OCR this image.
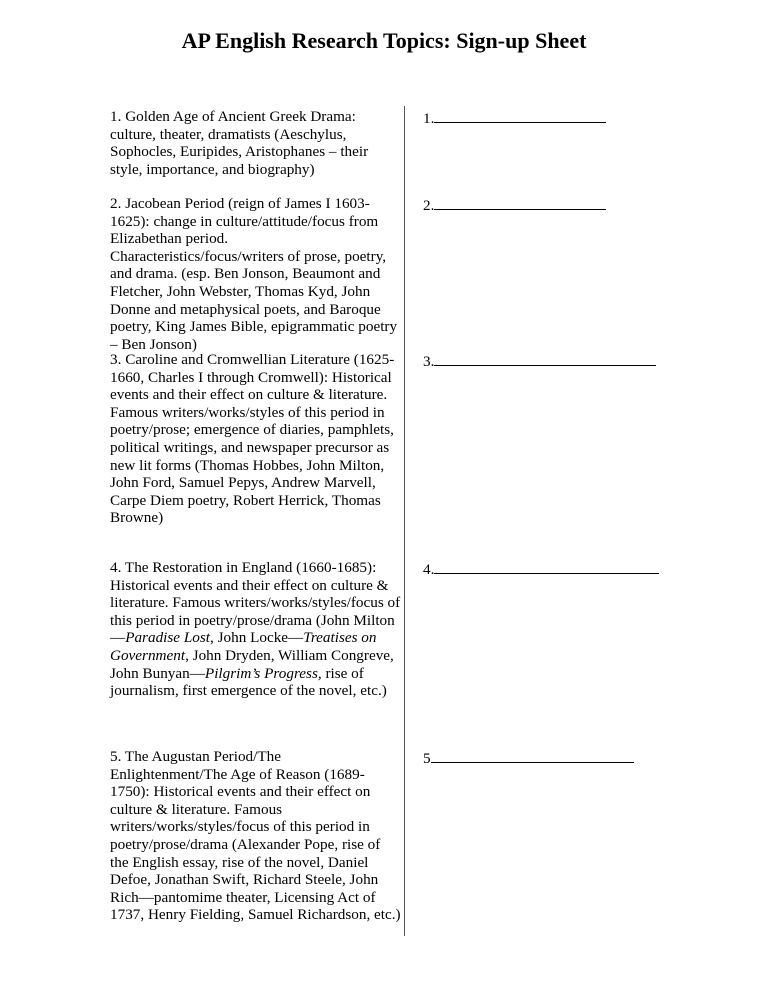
AP English Research Topics: Sign-up Sheet
1. Golden Age of Ancient Greek Drama: culture, theater, dramatists (Aeschylus, Sophocles, Euripides, Aristophanes – their style, importance, and biography)
1.
2. Jacobean Period (reign of James I 1603-1625): change in culture/attitude/focus from Elizabethan period. Characteristics/focus/writers of prose, poetry, and drama. (esp. Ben Jonson, Beaumont and Fletcher, John Webster, Thomas Kyd, John Donne and metaphysical poets, and Baroque poetry, King James Bible, epigrammatic poetry – Ben Jonson)
2.
3. Caroline and Cromwellian Literature (1625-1660, Charles I through Cromwell): Historical events and their effect on culture & literature. Famous writers/works/styles of this period in poetry/prose; emergence of diaries, pamphlets, political writings, and newspaper precursor as new lit forms (Thomas Hobbes, John Milton, John Ford, Samuel Pepys, Andrew Marvell, Carpe Diem poetry, Robert Herrick, Thomas Browne)
3.
4. The Restoration in England (1660-1685): Historical events and their effect on culture & literature. Famous writers/works/styles/focus of this period in poetry/prose/drama (John Milton—Paradise Lost, John Locke—Treatises on Government, John Dryden, William Congreve, John Bunyan—Pilgrim’s Progress, rise of journalism, first emergence of the novel, etc.)
4.
5. The Augustan Period/The Enlightenment/The Age of Reason (1689-1750): Historical events and their effect on culture & literature. Famous writers/works/styles/focus of this period in poetry/prose/drama (Alexander Pope, rise of the English essay, rise of the novel, Daniel Defoe, Jonathan Swift, Richard Steele, John Rich—pantomime theater, Licensing Act of 1737, Henry Fielding, Samuel Richardson, etc.)
5
